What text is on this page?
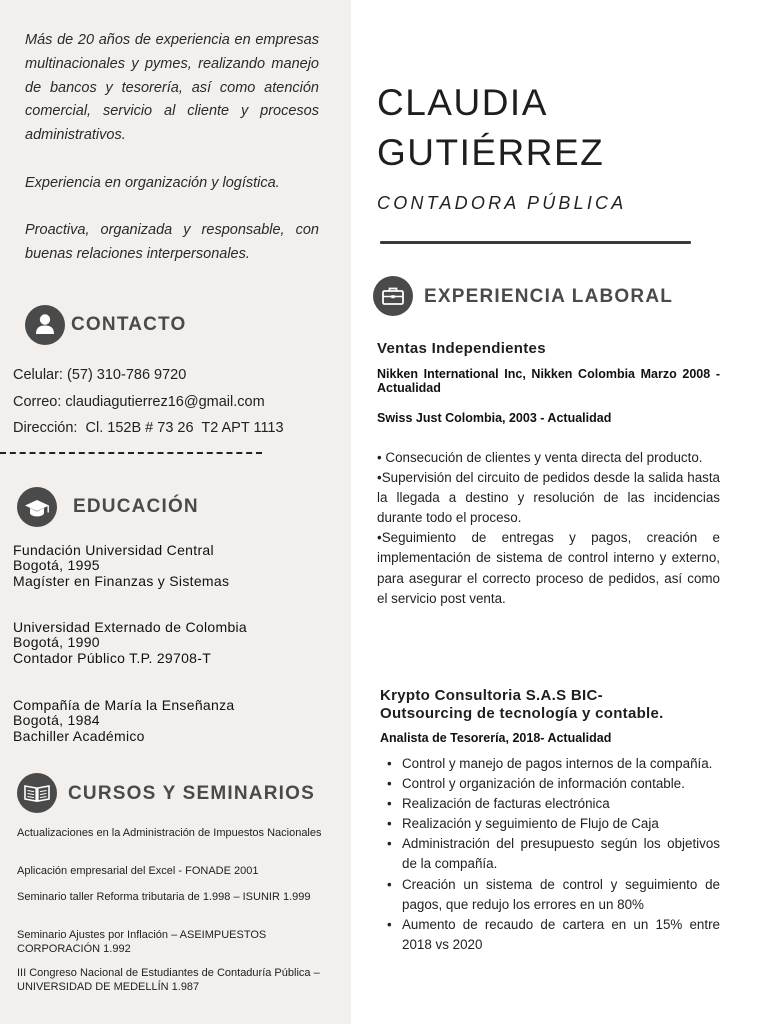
Más de 20 años de experiencia en empresas multinacionales y pymes, realizando manejo de bancos y tesorería, así como atención comercial, servicio al cliente y procesos administrativos.

Experiencia en organización y logística.

Proactiva, organizada y responsable, con buenas relaciones interpersonales.

CONTACTO
Celular: (57) 310-786 9720
Correo: claudiagutierrez16@gmail.com
Dirección:  Cl. 152B # 73 26  T2 APT 1113
EDUCACIÓN
Fundación Universidad Central
Bogotá, 1995
Magíster en Finanzas y Sistemas
Universidad Externado de Colombia
Bogotá, 1990
Contador Público T.P. 29708-T
Compañía de María la Enseñanza
Bogotá, 1984
Bachiller Académico
CURSOS Y SEMINARIOS
Actualizaciones en la Administración de Impuestos Nacionales
Aplicación empresarial del Excel - FONADE 2001
Seminario taller Reforma tributaria de 1.998 – ISUNIR 1.999
Seminario Ajustes por Inflación – ASEIMPUESTOS CORPORACIÓN 1.992
III Congreso Nacional de Estudiantes de Contaduría Pública – UNIVERSIDAD DE MEDELLÍN 1.987
CLAUDIA
GUTIÉRREZ
CONTADORA PÚBLICA
EXPERIENCIA LABORAL
Ventas Independientes
Nikken International Inc, Nikken Colombia Marzo 2008 - Actualidad
Swiss Just Colombia, 2003 - Actualidad
• Consecución de clientes y venta directa del producto.
•Supervisión del circuito de pedidos desde la salida hasta la llegada a destino y resolución de las incidencias durante todo el proceso.
•Seguimiento de entregas y pagos, creación e implementación de sistema de control interno y externo, para asegurar el correcto proceso de pedidos, así como el servicio post venta.
Krypto Consultoria S.A.S BIC-
Outsourcing de tecnología y contable.
Analista de Tesorería, 2018- Actualidad
• Control y manejo de pagos internos de la compañía.
• Control y organización de información contable.
• Realización de facturas electrónica
• Realización y seguimiento de Flujo de Caja
• Administración del presupuesto según los objetivos de la compañía.
• Creación un sistema de control y seguimiento de pagos, que redujo los errores en un 80%
• Aumento de recaudo de cartera en un 15% entre 2018 vs 2020
